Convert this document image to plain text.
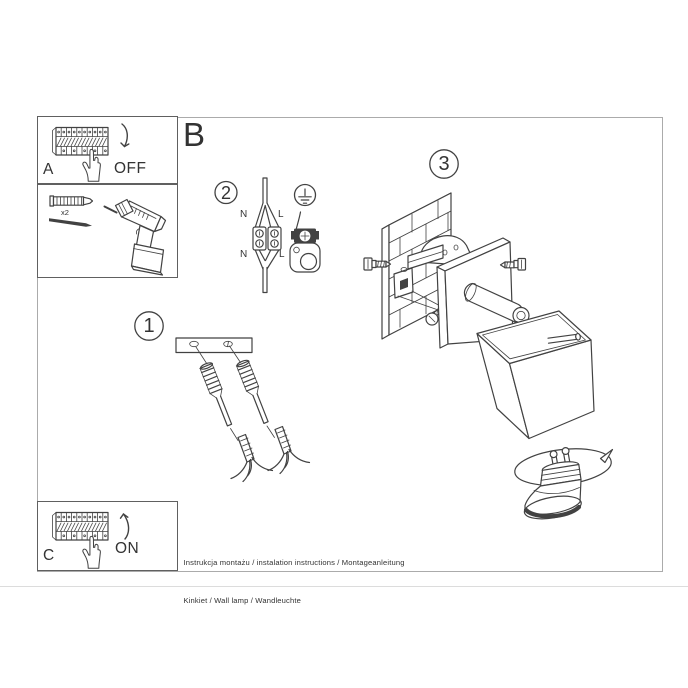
A	OFF
x2
C	ON
B
1
2
3
N	L
N	L

Instrukcja montażu / instalation instructions / Montageanleitung

Kinkiet / Wall lamp / Wandleuchte
